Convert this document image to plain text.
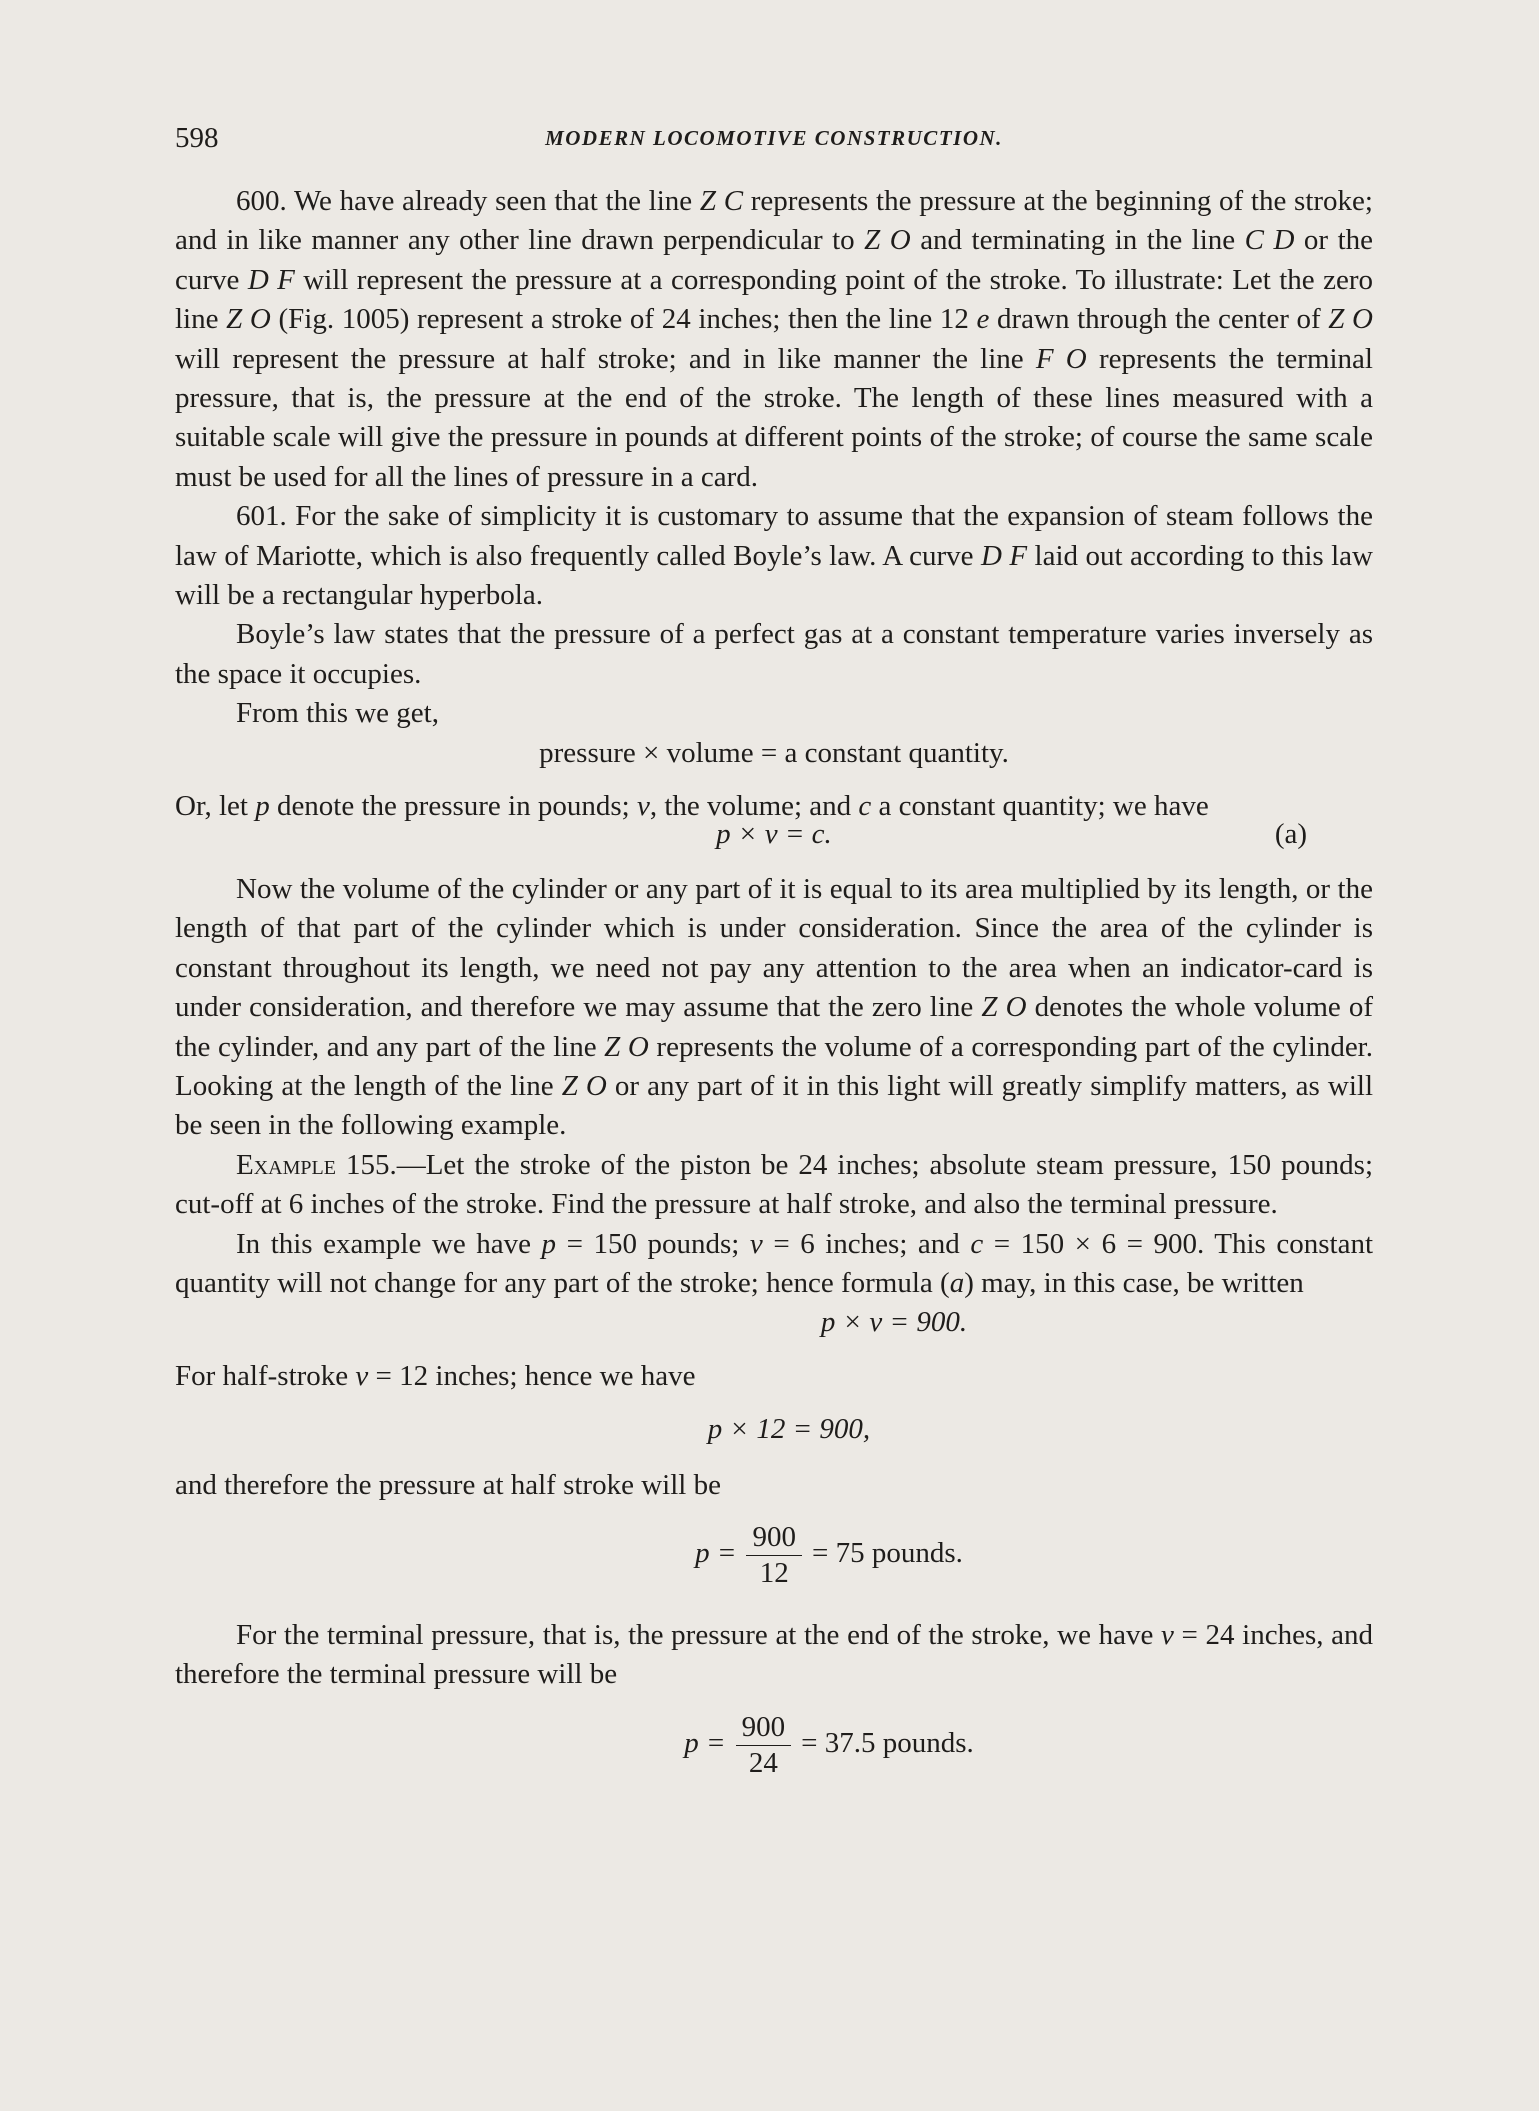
598	MODERN LOCOMOTIVE CONSTRUCTION.

600. We have already seen that the line Z C represents the pressure at the beginning of the stroke; and in like manner any other line drawn perpendicular to Z O and terminating in the line C D or the curve D F will represent the pressure at a corresponding point of the stroke. To illustrate: Let the zero line Z O (Fig. 1005) represent a stroke of 24 inches; then the line 12 e drawn through the center of Z O will represent the pressure at half stroke; and in like manner the line F O represents the terminal pressure, that is, the pressure at the end of the stroke. The length of these lines measured with a suitable scale will give the pressure in pounds at different points of the stroke; of course the same scale must be used for all the lines of pressure in a card.

601. For the sake of simplicity it is customary to assume that the expansion of steam follows the law of Mariotte, which is also frequently called Boyle’s law. A curve D F laid out according to this law will be a rectangular hyperbola.

Boyle’s law states that the pressure of a perfect gas at a constant temperature varies inversely as the space it occupies.

From this we get,

pressure × volume = a constant quantity.

Or, let p denote the pressure in pounds; v, the volume; and c a constant quantity; we have

p × v = c.	(a)

Now the volume of the cylinder or any part of it is equal to its area multiplied by its length, or the length of that part of the cylinder which is under consideration. Since the area of the cylinder is constant throughout its length, we need not pay any attention to the area when an indicator-card is under consideration, and therefore we may assume that the zero line Z O denotes the whole volume of the cylinder, and any part of the line Z O represents the volume of a corresponding part of the cylinder. Looking at the length of the line Z O or any part of it in this light will greatly simplify matters, as will be seen in the following example.

Example 155.—Let the stroke of the piston be 24 inches; absolute steam pressure, 150 pounds; cut-off at 6 inches of the stroke. Find the pressure at half stroke, and also the terminal pressure.

In this example we have p = 150 pounds; v = 6 inches; and c = 150 × 6 = 900. This constant quantity will not change for any part of the stroke; hence formula (a) may, in this case, be written

p × v = 900.

For half-stroke v = 12 inches; hence we have

p × 12 = 900,

and therefore the pressure at half stroke will be

$p = \frac{900}{12} = 75$ pounds.

For the terminal pressure, that is, the pressure at the end of the stroke, we have v = 24 inches, and therefore the terminal pressure will be

$p = \frac{900}{24} = 37.5$ pounds.
